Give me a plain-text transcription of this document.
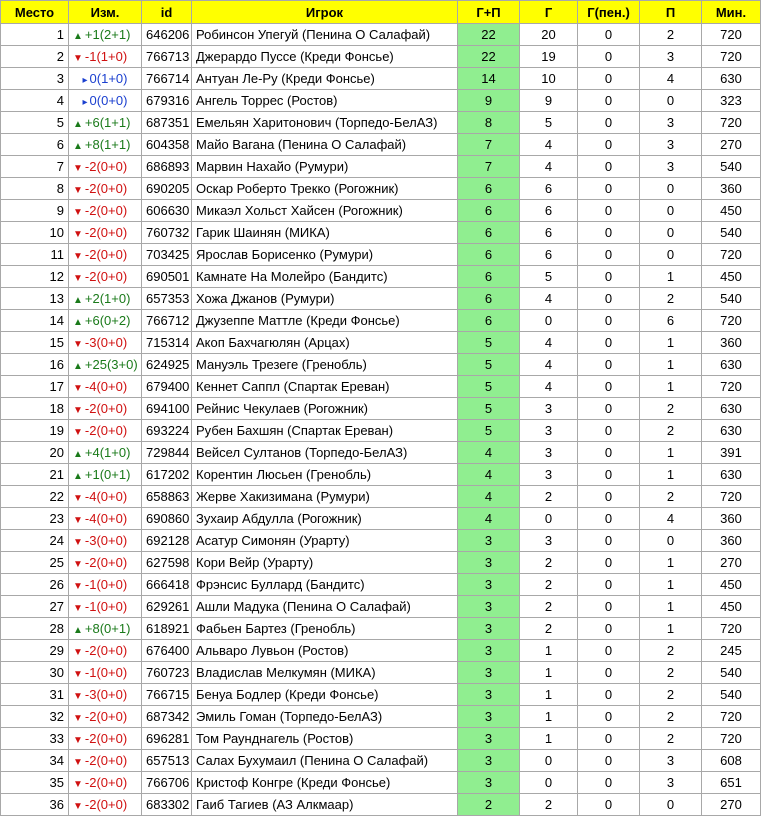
Место	Изм.	id	Игрок	Г+П	Г	Г(пен.)	П	Мин.
1	▲ +1(2+1)	646206	Робинсон Упегуй (Пенина О Салафай)	22	20	0	2	720
2	▼ -1(1+0)	766713	Джерардо Пуссе (Креди Фонсье)	22	19	0	3	720
3	▸ 0(1+0)	766714	Антуан Ле-Ру (Креди Фонсье)	14	10	0	4	630
4	▸ 0(0+0)	679316	Ангель Торрес (Ростов)	9	9	0	0	323
5	▲ +6(1+1)	687351	Емельян Харитонович (Торпедо-БелАЗ)	8	5	0	3	720
6	▲ +8(1+1)	604358	Майо Вагана (Пенина О Салафай)	7	4	0	3	270
7	▼ -2(0+0)	686893	Марвин Нахайо (Румури)	7	4	0	3	540
8	▼ -2(0+0)	690205	Оскар Роберто Трекко (Рогожник)	6	6	0	0	360
9	▼ -2(0+0)	606630	Микаэл Хольст Хайсен (Рогожник)	6	6	0	0	450
10	▼ -2(0+0)	760732	Гарик Шаинян (МИКА)	6	6	0	0	540
11	▼ -2(0+0)	703425	Ярослав Борисенко (Румури)	6	6	0	0	720
12	▼ -2(0+0)	690501	Камнате На Молейро (Бандитс)	6	5	0	1	450
13	▲ +2(1+0)	657353	Хожа Джанов (Румури)	6	4	0	2	540
14	▲ +6(0+2)	766712	Джузеппе Маттле (Креди Фонсье)	6	0	0	6	720
15	▼ -3(0+0)	715314	Акоп Бахчагюлян (Арцах)	5	4	0	1	360
16	▲ +25(3+0)	624925	Мануэль Трезеге (Гренобль)	5	4	0	1	630
17	▼ -4(0+0)	679400	Кеннет Саппл (Спартак Ереван)	5	4	0	1	720
18	▼ -2(0+0)	694100	Рейнис Чекулаев (Рогожник)	5	3	0	2	630
19	▼ -2(0+0)	693224	Рубен Бахшян (Спартак Ереван)	5	3	0	2	630
20	▲ +4(1+0)	729844	Вейсел Султанов (Торпедо-БелАЗ)	4	3	0	1	391
21	▲ +1(0+1)	617202	Корентин Люсьен (Гренобль)	4	3	0	1	630
22	▼ -4(0+0)	658863	Жерве Хакизимана (Румури)	4	2	0	2	720
23	▼ -4(0+0)	690860	Зухаир Абдулла (Рогожник)	4	0	0	4	360
24	▼ -3(0+0)	692128	Асатур Симонян (Урарту)	3	3	0	0	360
25	▼ -2(0+0)	627598	Кори Вейр (Урарту)	3	2	0	1	270
26	▼ -1(0+0)	666418	Фрэнсис Буллард (Бандитс)	3	2	0	1	450
27	▼ -1(0+0)	629261	Ашли Мадука (Пенина О Салафай)	3	2	0	1	450
28	▲ +8(0+1)	618921	Фабьен Бартез (Гренобль)	3	2	0	1	720
29	▼ -2(0+0)	676400	Альваро Лувьон (Ростов)	3	1	0	2	245
30	▼ -1(0+0)	760723	Владислав Мелкумян (МИКА)	3	1	0	2	540
31	▼ -3(0+0)	766715	Бенуа Бодлер (Креди Фонсье)	3	1	0	2	540
32	▼ -2(0+0)	687342	Эмиль Гоман (Торпедо-БелАЗ)	3	1	0	2	720
33	▼ -2(0+0)	696281	Том Раунднагель (Ростов)	3	1	0	2	720
34	▼ -2(0+0)	657513	Салах Бухумаил (Пенина О Салафай)	3	0	0	3	608
35	▼ -2(0+0)	766706	Кристоф Конгре (Креди Фонсье)	3	0	0	3	651
36	▼ -2(0+0)	683302	Гаиб Тагиев (АЗ Алкмаар)	2	2	0	0	270
